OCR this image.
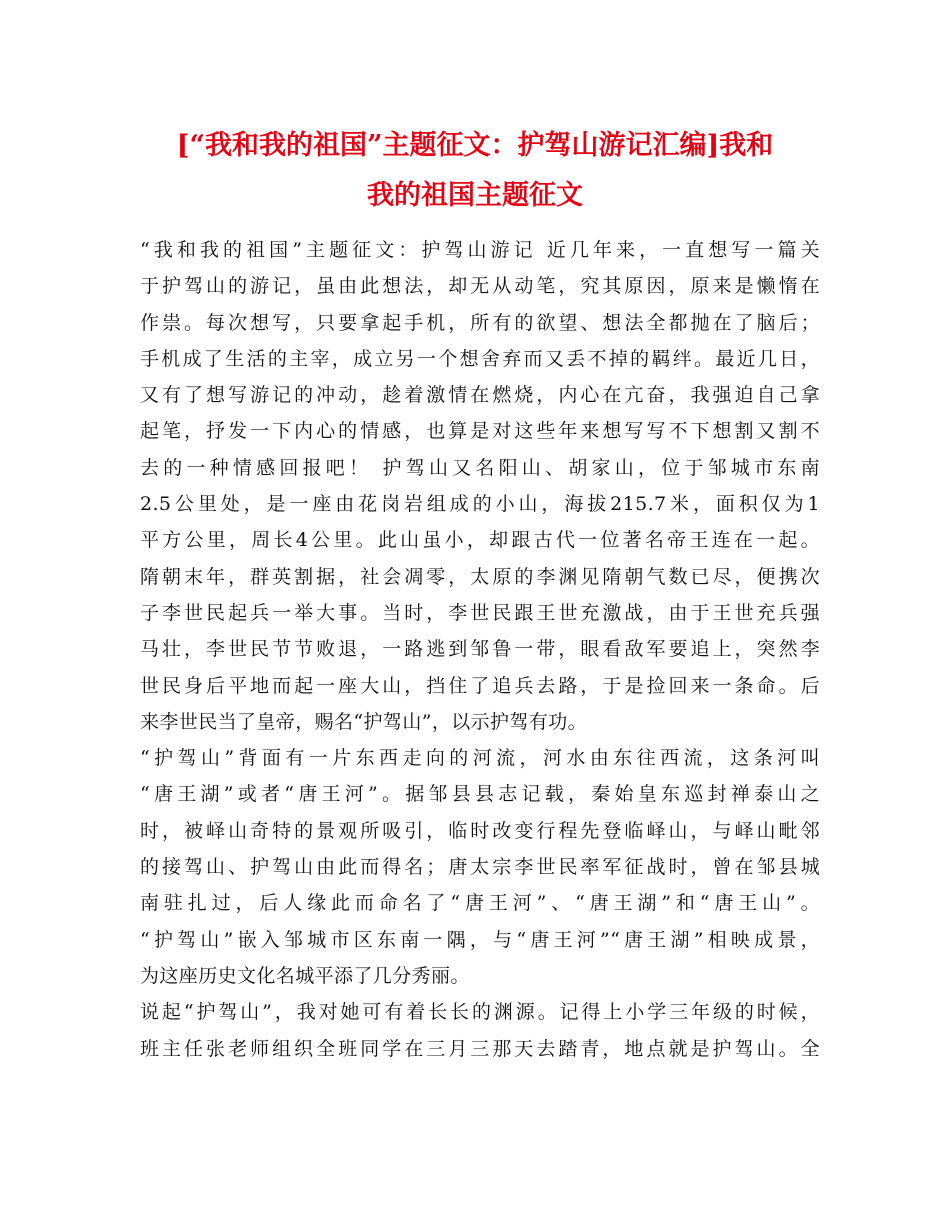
[“我和我的祖国”主题征文：护驾山游记汇编]我和
我的祖国主题征文
“我和我的祖国”主题征文：护驾山游记 近几年来，一直想写一篇关
于护驾山的游记，虽由此想法，却无从动笔，究其原因，原来是懒惰在
作祟。每次想写，只要拿起手机，所有的欲望、想法全都抛在了脑后；
手机成了生活的主宰，成立另一个想舍弃而又丢不掉的羁绊。最近几日，
又有了想写游记的冲动，趁着激情在燃烧，内心在亢奋，我强迫自己拿
起笔，抒发一下内心的情感，也算是对这些年来想写写不下想割又割不
去的一种情感回报吧！ 护驾山又名阳山、胡家山，位于邹城市东南
2.5公里处，是一座由花岗岩组成的小山，海拔215.7米，面积仅为1
平方公里，周长4公里。此山虽小，却跟古代一位著名帝王连在一起。
隋朝末年，群英割据，社会凋零，太原的李渊见隋朝气数已尽，便携次
子李世民起兵一举大事。当时，李世民跟王世充激战，由于王世充兵强
马壮，李世民节节败退，一路逃到邹鲁一带，眼看敌军要追上，突然李
世民身后平地而起一座大山，挡住了追兵去路，于是捡回来一条命。后
来李世民当了皇帝，赐名“护驾山”，以示护驾有功。
“护驾山”背面有一片东西走向的河流，河水由东往西流，这条河叫
“唐王湖”或者“唐王河”。据邹县县志记载，秦始皇东巡封禅泰山之
时，被峄山奇特的景观所吸引，临时改变行程先登临峄山，与峄山毗邻
的接驾山、护驾山由此而得名；唐太宗李世民率军征战时，曾在邹县城
南驻扎过，后人缘此而命名了“唐王河”、“唐王湖”和“唐王山”。
“护驾山”嵌入邹城市区东南一隅，与“唐王河”“唐王湖”相映成景，
为这座历史文化名城平添了几分秀丽。
说起“护驾山”，我对她可有着长长的渊源。记得上小学三年级的时候，
班主任张老师组织全班同学在三月三那天去踏青，地点就是护驾山。全
